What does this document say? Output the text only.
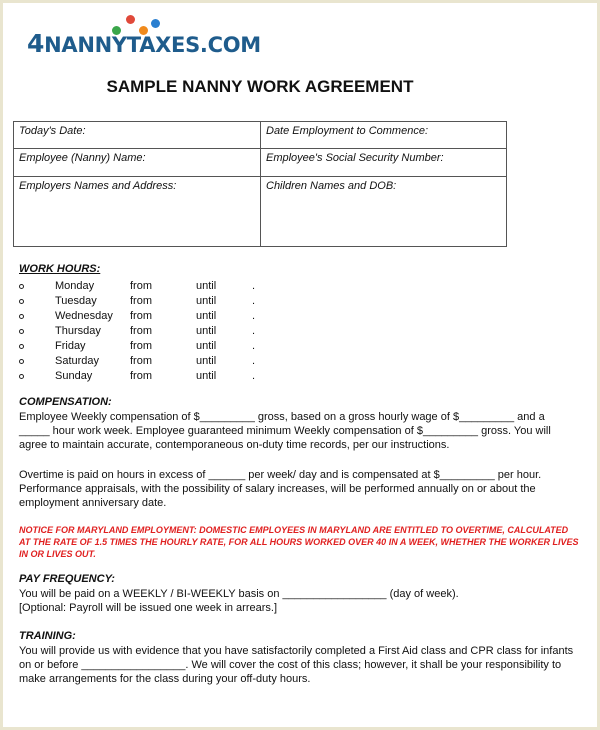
4NANNYTAXES.COM
SAMPLE NANNY WORK AGREEMENT
Today's Date:	Date Employment to Commence:
Employee (Nanny) Name:	Employee's Social Security Number:
Employers Names and Address:	Children Names and DOB:
WORK HOURS:
Monday	from	until	.
Tuesday	from	until	.
Wednesday from	until	.
Thursday	from	until	.
Friday	from	until	.
Saturday	from	until	.
Sunday	from	until	.
COMPENSATION:
Employee Weekly compensation of $_________ gross, based on a gross hourly wage of $_________ and a _____ hour work week. Employee guaranteed minimum Weekly compensation of $_________ gross. You will agree to maintain accurate, contemporaneous on-duty time records, per our instructions.
Overtime is paid on hours in excess of ______ per week/ day and is compensated at $_________ per hour. Performance appraisals, with the possibility of salary increases, will be performed annually on or about the employment anniversary date.
NOTICE FOR MARYLAND EMPLOYMENT: DOMESTIC EMPLOYEES IN MARYLAND ARE ENTITLED TO OVERTIME, CALCULATED AT THE RATE OF 1.5 TIMES THE HOURLY RATE, FOR ALL HOURS WORKED OVER 40 IN A WEEK, WHETHER THE WORKER LIVES IN OR LIVES OUT.
PAY FREQUENCY:
You will be paid on a WEEKLY / BI-WEEKLY basis on _________________ (day of week).
[Optional: Payroll will be issued one week in arrears.]
TRAINING:
You will provide us with evidence that you have satisfactorily completed a First Aid class and CPR class for infants on or before _________________. We will cover the cost of this class; however, it shall be your responsibility to make arrangements for the class during your off-duty hours.
